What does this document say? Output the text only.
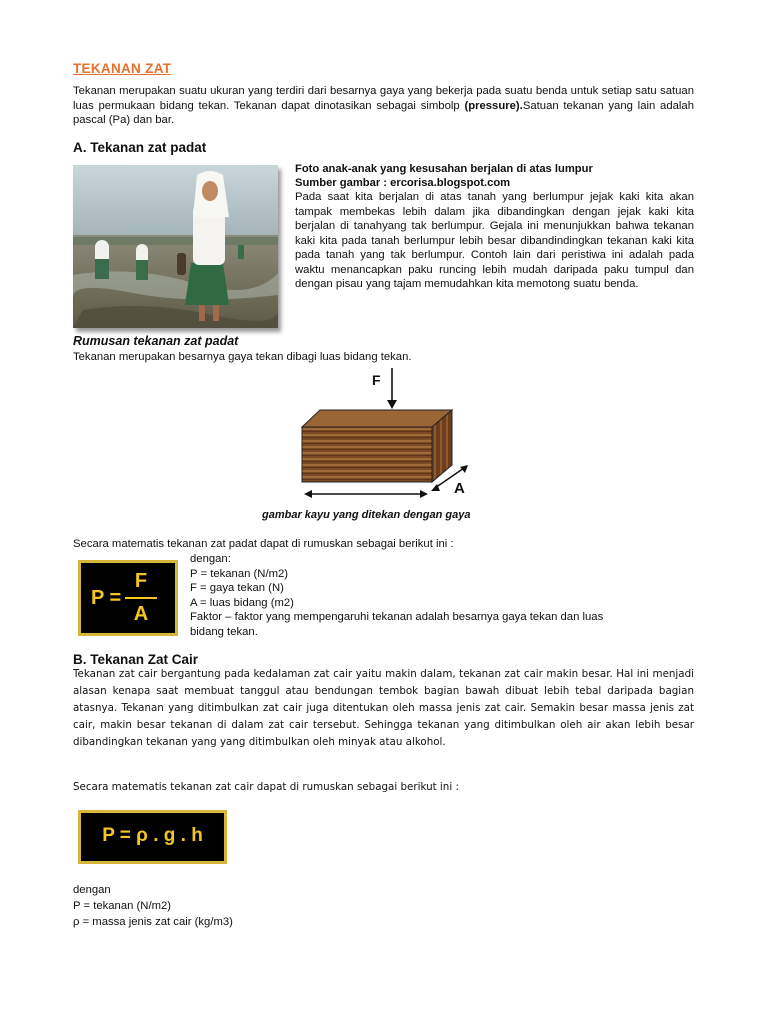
TEKANAN ZAT
Tekanan merupakan suatu ukuran yang terdiri dari besarnya gaya yang bekerja pada suatu benda untuk setiap satu satuan luas permukaan bidang tekan. Tekanan dapat dinotasikan sebagai simbolp (pressure).Satuan tekanan yang lain adalah pascal (Pa) dan bar.
A. Tekanan zat padat
Foto anak-anak yang kesusahan berjalan di atas lumpur
Sumber gambar : ercorisa.blogspot.com
Pada saat kita berjalan di atas tanah yang berlumpur jejak kaki kita akan tampak membekas lebih dalam jika dibandingkan dengan jejak kaki kita berjalan di tanahyang tak berlumpur. Gejala ini menunjukkan bahwa tekanan kaki kita pada tanah berlumpur lebih besar dibandindingkan tekanan kaki kita pada tanah yang tak berlumpur. Contoh lain dari peristiwa ini adalah pada waktu menancapkan paku runcing lebih mudah daripada paku tumpul dan dengan pisau yang tajam memudahkan kita memotong suatu benda.
Rumusan tekanan zat padat
Tekanan merupakan besarnya gaya tekan dibagi luas bidang tekan.
F
A
gambar kayu yang ditekan dengan gaya
Secara matematis tekanan zat padat dapat di rumuskan sebagai berikut ini :
P =
F
A
dengan:
P = tekanan (N/m2)
F = gaya tekan (N)
A = luas bidang (m2)
Faktor – faktor yang mempengaruhi tekanan adalah besarnya gaya tekan dan luas
bidang tekan.
B. Tekanan Zat Cair
Tekanan zat cair bergantung pada kedalaman zat cair yaitu makin dalam, tekanan zat cair makin besar. Hal ini menjadi alasan kenapa saat membuat tanggul atau bendungan tembok bagian bawah dibuat lebih tebal daripada bagian atasnya. Tekanan yang ditimbulkan zat cair juga ditentukan oleh massa jenis zat cair. Semakin besar massa jenis zat cair, makin besar tekanan di dalam zat cair tersebut. Sehingga tekanan yang ditimbulkan oleh air akan lebih besar dibandingkan tekanan yang yang ditimbulkan oleh minyak atau alkohol.
Secara matematis tekanan zat cair dapat di rumuskan sebagai berikut ini :
P = ρ . g . h
dengan
P = tekanan (N/m2)
ρ = massa jenis zat cair (kg/m3)
